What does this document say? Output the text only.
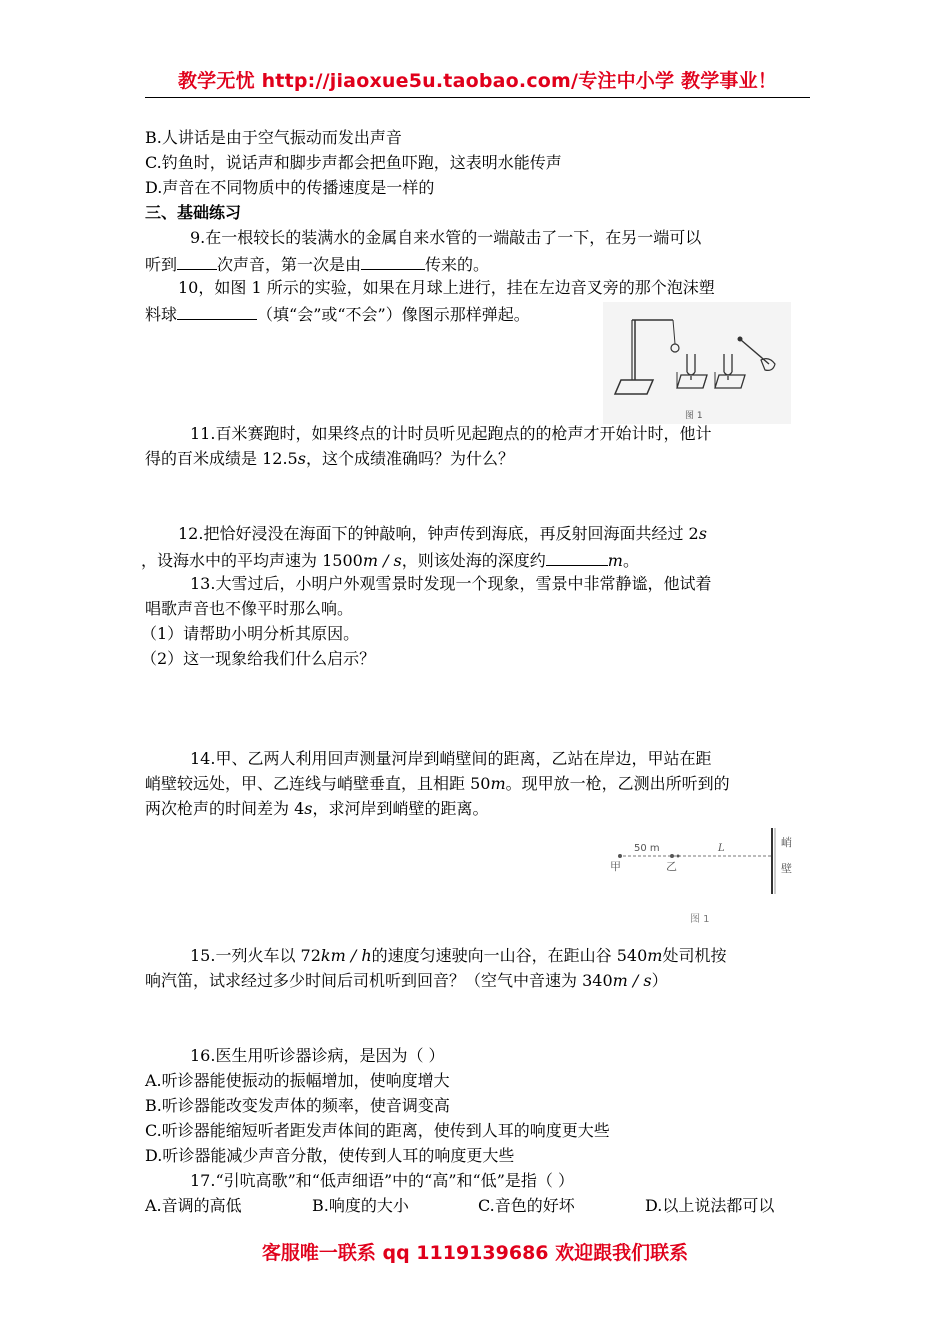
教学无忧 http://jiaoxue5u.taobao.com/专注中小学 教学事业！
B.人讲话是由于空气振动而发出声音
C.钓鱼时，说话声和脚步声都会把鱼吓跑，这表明水能传声
D.声音在不同物质中的传播速度是一样的
三、基础练习
9.在一根较长的装满水的金属自来水管的一端敲击了一下，在另一端可以
听到	次声音，第一次是由	传来的。
10，如图 1 所示的实验，如果在月球上进行，挂在左边音叉旁的那个泡沫塑
料球	（填“会”或“不会”）像图示那样弹起。
图 1
11.百米赛跑时，如果终点的计时员听见起跑点的的枪声才开始计时，他计
得的百米成绩是 12.5s，这个成绩准确吗？为什么？
12.把恰好浸没在海面下的钟敲响，钟声传到海底，再反射回海面共经过 2s
，设海水中的平均声速为 1500m / s，则该处海的深度约	m。
13.大雪过后，小明户外观雪景时发现一个现象，雪景中非常静谧，他试着
唱歌声音也不像平时那么响。
（1）请帮助小明分析其原因。
（2）这一现象给我们什么启示？
14.甲、乙两人利用回声测量河岸到峭壁间的距离，乙站在岸边，甲站在距
峭壁较远处，甲、乙连线与峭壁垂直，且相距 50m。现甲放一枪，乙测出所听到的
两次枪声的时间差为 4s，求河岸到峭壁的距离。
50 m	L
甲	乙
峭
壁
图 1
15.一列火车以 72km / h的速度匀速驶向一山谷，在距山谷 540m处司机按
响汽笛，试求经过多少时间后司机听到回音？（空气中音速为 340m / s）
16.医生用听诊器诊病，是因为（ ）
A.听诊器能使振动的振幅增加，使响度增大
B.听诊器能改变发声体的频率，使音调变高
C.听诊器能缩短听者距发声体间的距离，使传到人耳的响度更大些
D.听诊器能减少声音分散，使传到人耳的响度更大些
17.“引吭高歌”和“低声细语”中的“高”和“低”是指（ ）
A.音调的高低	B.响度的大小	C.音色的好坏	D.以上说法都可以
客服唯一联系 qq 1119139686 欢迎跟我们联系
